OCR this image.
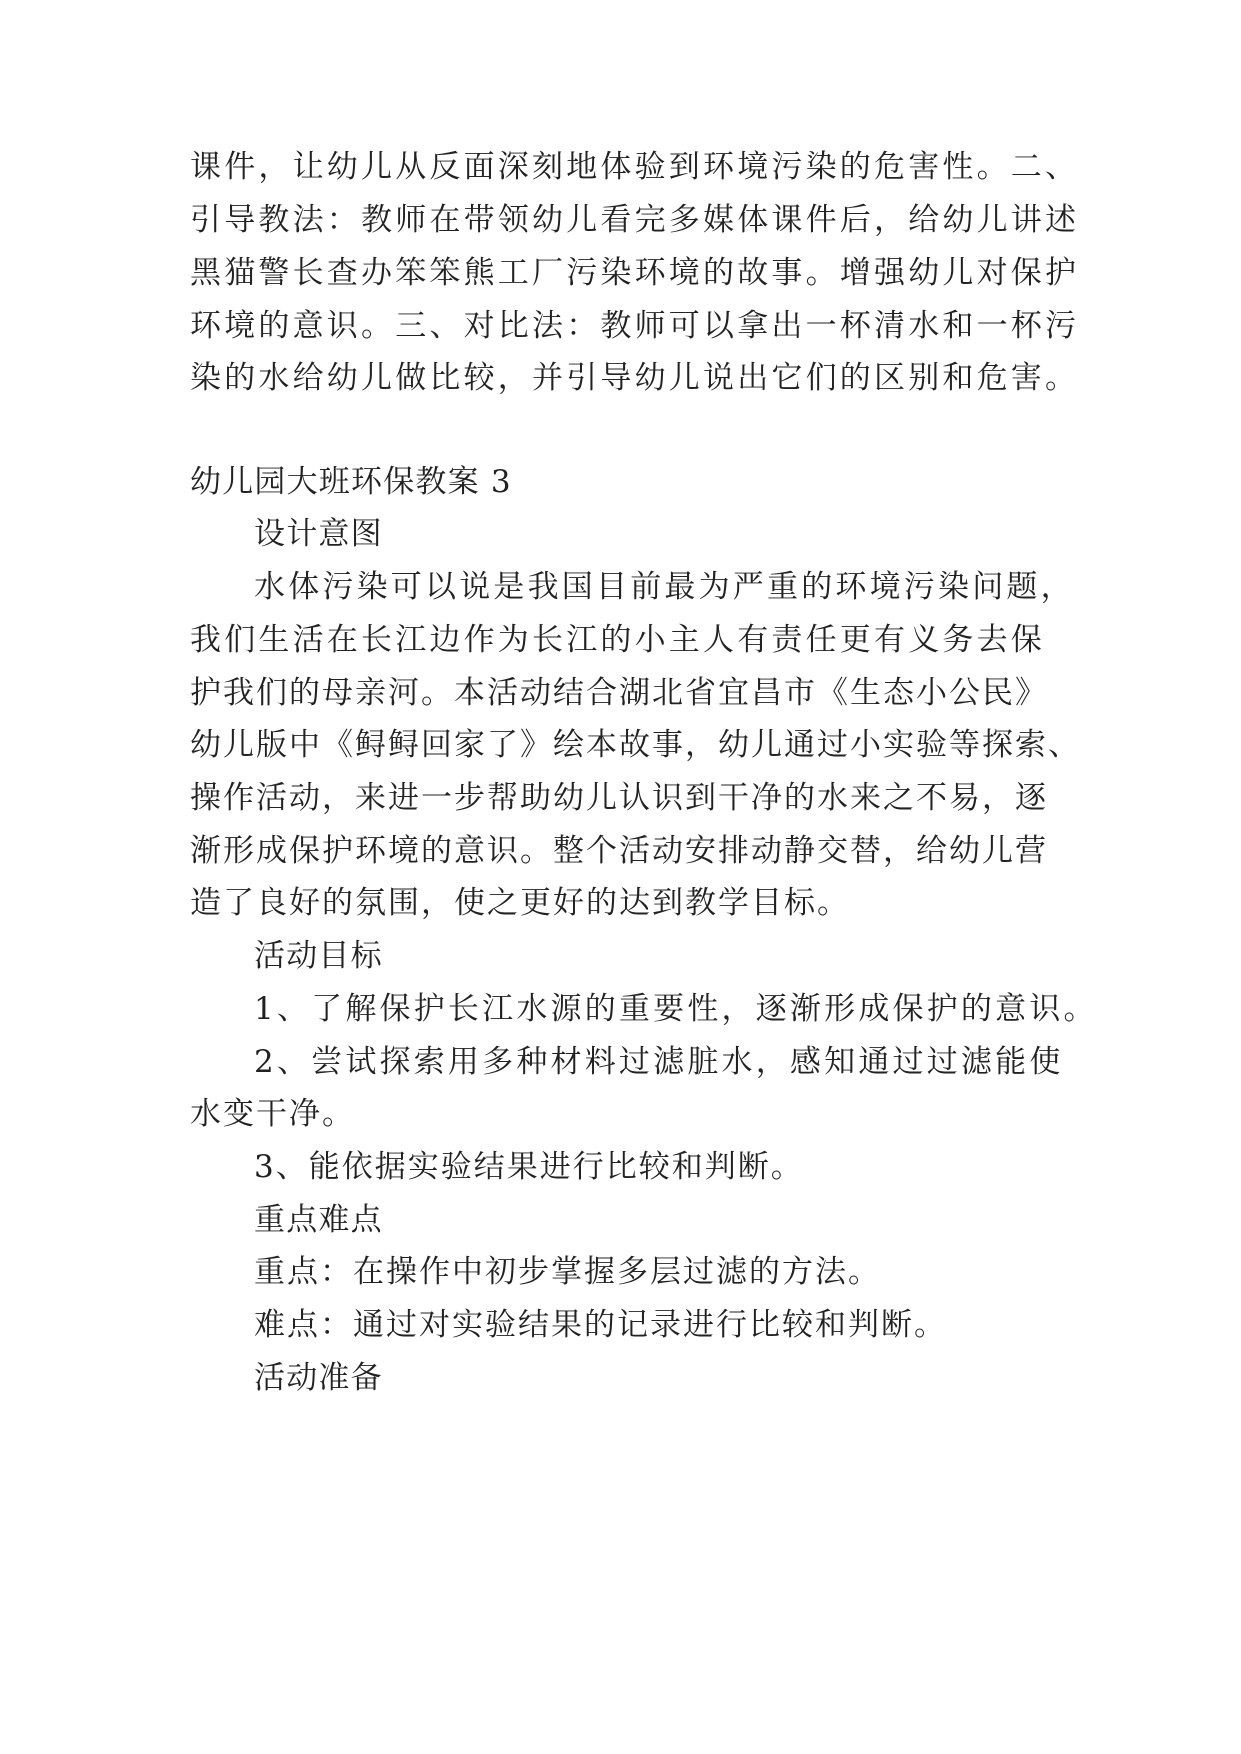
课件，让幼儿从反面深刻地体验到环境污染的危害性。二、
引导教法：教师在带领幼儿看完多媒体课件后，给幼儿讲述
黑猫警长查办笨笨熊工厂污染环境的故事。增强幼儿对保护
环境的意识。三、对比法：教师可以拿出一杯清水和一杯污
染的水给幼儿做比较，并引导幼儿说出它们的区别和危害。
幼儿园大班环保教案 3
设计意图
水体污染可以说是我国目前最为严重的环境污染问题，
我们生活在长江边作为长江的小主人有责任更有义务去保
护我们的母亲河。本活动结合湖北省宜昌市《生态小公民》
幼儿版中《鲟鲟回家了》绘本故事，幼儿通过小实验等探索、
操作活动，来进一步帮助幼儿认识到干净的水来之不易，逐
渐形成保护环境的意识。整个活动安排动静交替，给幼儿营
造了良好的氛围，使之更好的达到教学目标。
活动目标
1、了解保护长江水源的重要性，逐渐形成保护的意识。
2、尝试探索用多种材料过滤脏水，感知通过过滤能使
水变干净。
3、能依据实验结果进行比较和判断。
重点难点
重点：在操作中初步掌握多层过滤的方法。
难点：通过对实验结果的记录进行比较和判断。
活动准备
